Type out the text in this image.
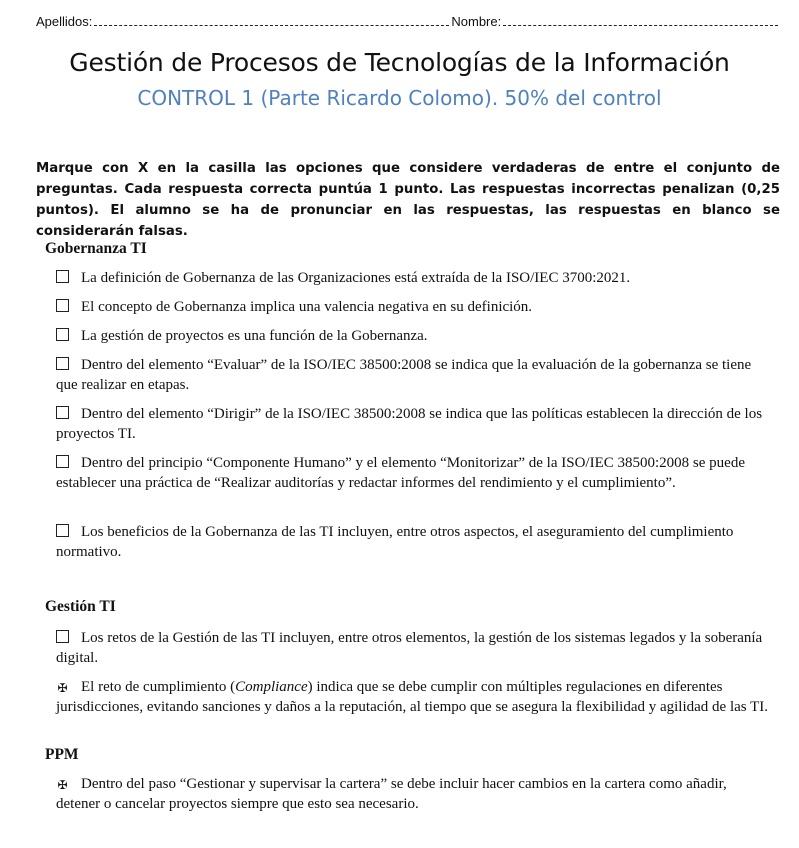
Apellidos:	Nombre:
Gestión de Procesos de Tecnologías de la Información
CONTROL 1 (Parte Ricardo Colomo). 50% del control
Marque con X en la casilla las opciones que considere verdaderas de entre el conjunto de preguntas. Cada respuesta correcta puntúa 1 punto. Las respuestas incorrectas penalizan (0,25 puntos). El alumno se ha de pronunciar en las respuestas, las respuestas en blanco se considerarán falsas.
Gobernanza TI
La definición de Gobernanza de las Organizaciones está extraída de la ISO/IEC 3700:2021.
El concepto de Gobernanza implica una valencia negativa en su definición.
La gestión de proyectos es una función de la Gobernanza.
Dentro del elemento “Evaluar” de la ISO/IEC 38500:2008 se indica que la evaluación de la gobernanza se tiene que realizar en etapas.
Dentro del elemento “Dirigir” de la ISO/IEC 38500:2008 se indica que las políticas establecen la dirección de los proyectos TI.
Dentro del principio “Componente Humano” y el elemento “Monitorizar” de la ISO/IEC 38500:2008 se puede establecer una práctica de “Realizar auditorías y redactar informes del rendimiento y el cumplimiento”.
Los beneficios de la Gobernanza de las TI incluyen, entre otros aspectos, el aseguramiento del cumplimiento normativo.
Gestión TI
Los retos de la Gestión de las TI incluyen, entre otros elementos, la gestión de los sistemas legados y la soberanía digital.
✠ El reto de cumplimiento (Compliance) indica que se debe cumplir con múltiples regulaciones en diferentes jurisdicciones, evitando sanciones y daños a la reputación, al tiempo que se asegura la flexibilidad y agilidad de las TI.
PPM
✠ Dentro del paso “Gestionar y supervisar la cartera” se debe incluir hacer cambios en la cartera como añadir, detener o cancelar proyectos siempre que esto sea necesario.
